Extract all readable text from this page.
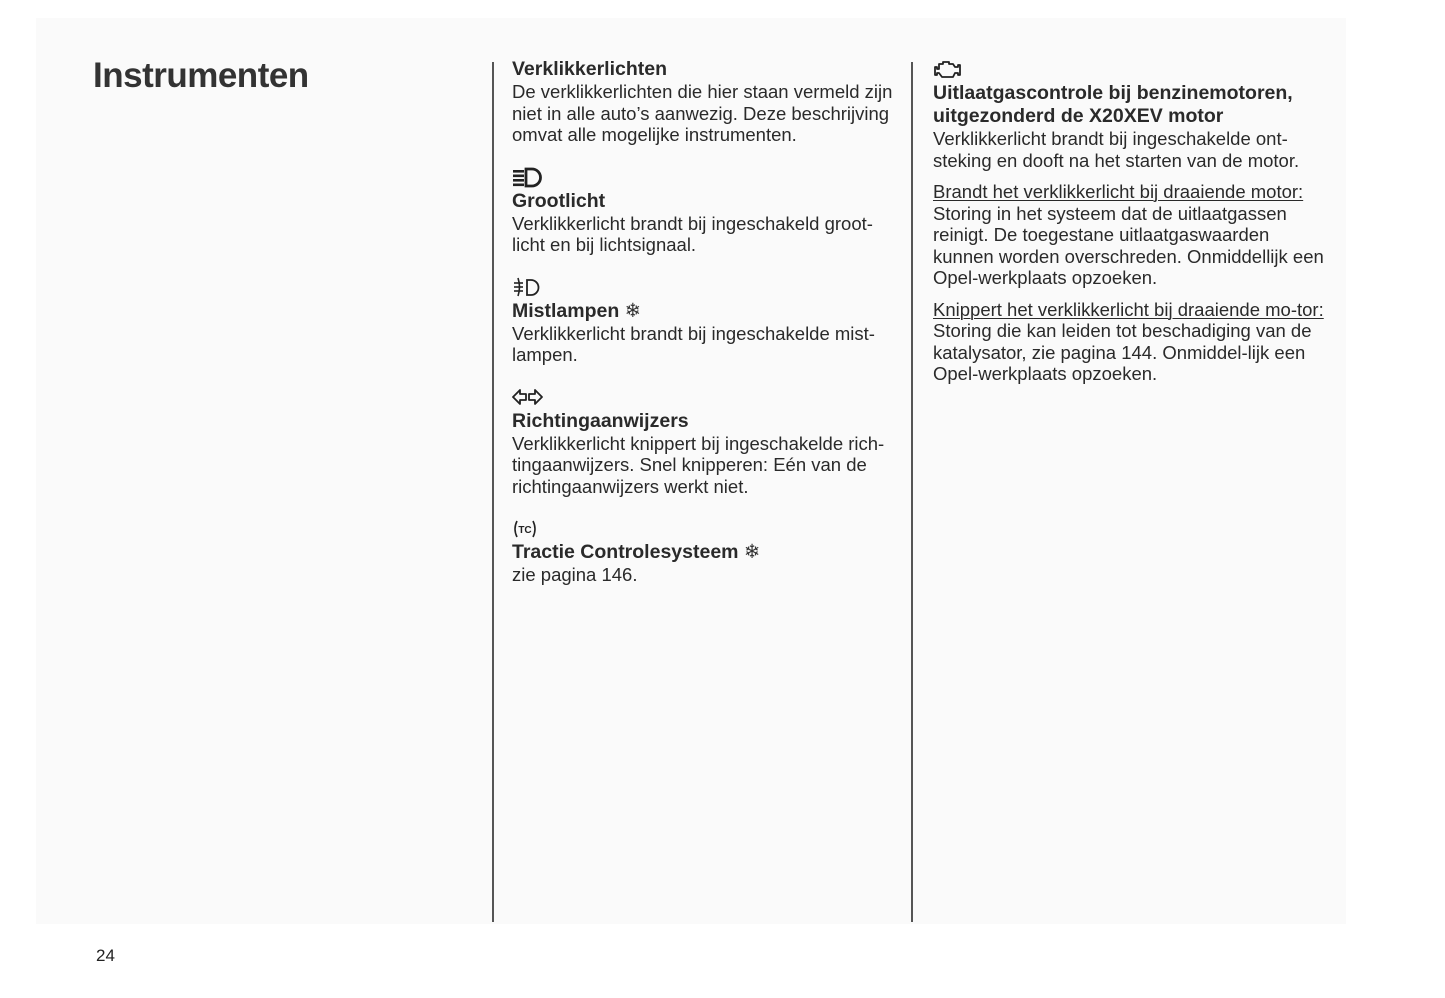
Instrumenten	Verklikkerlichten

De verklikkerlichten die hier staan vermeld zijn niet in alle auto’s aanwezig. Deze beschrijving omvat alle mogelijke instrumenten.

Grootlicht

Verklikkerlicht brandt bij ingeschakeld groot-licht en bij lichtsignaal.

Mistlampen ❄

Verklikkerlicht brandt bij ingeschakelde mist-lampen.

Richtingaanwijzers

Verklikkerlicht knippert bij ingeschakelde rich-tingaanwijzers. Snel knipperen: Eén van de richtingaanwijzers werkt niet.

TC

Tractie Controlesysteem ❄

zie pagina 146.

Uitlaatgascontrole bij benzinemotoren, uitgezonderd de X20XEV motor

Verklikkerlicht brandt bij ingeschakelde ont-steking en dooft na het starten van de motor.

Brandt het verklikkerlicht bij draaiende motor: Storing in het systeem dat de uitlaatgassen reinigt. De toegestane uitlaatgaswaarden kunnen worden overschreden. Onmiddellijk een Opel-werkplaats opzoeken.

Knippert het verklikkerlicht bij draaiende mo-tor: Storing die kan leiden tot beschadiging van de katalysator, zie pagina 144. Onmiddel-lijk een Opel-werkplaats opzoeken.

24
